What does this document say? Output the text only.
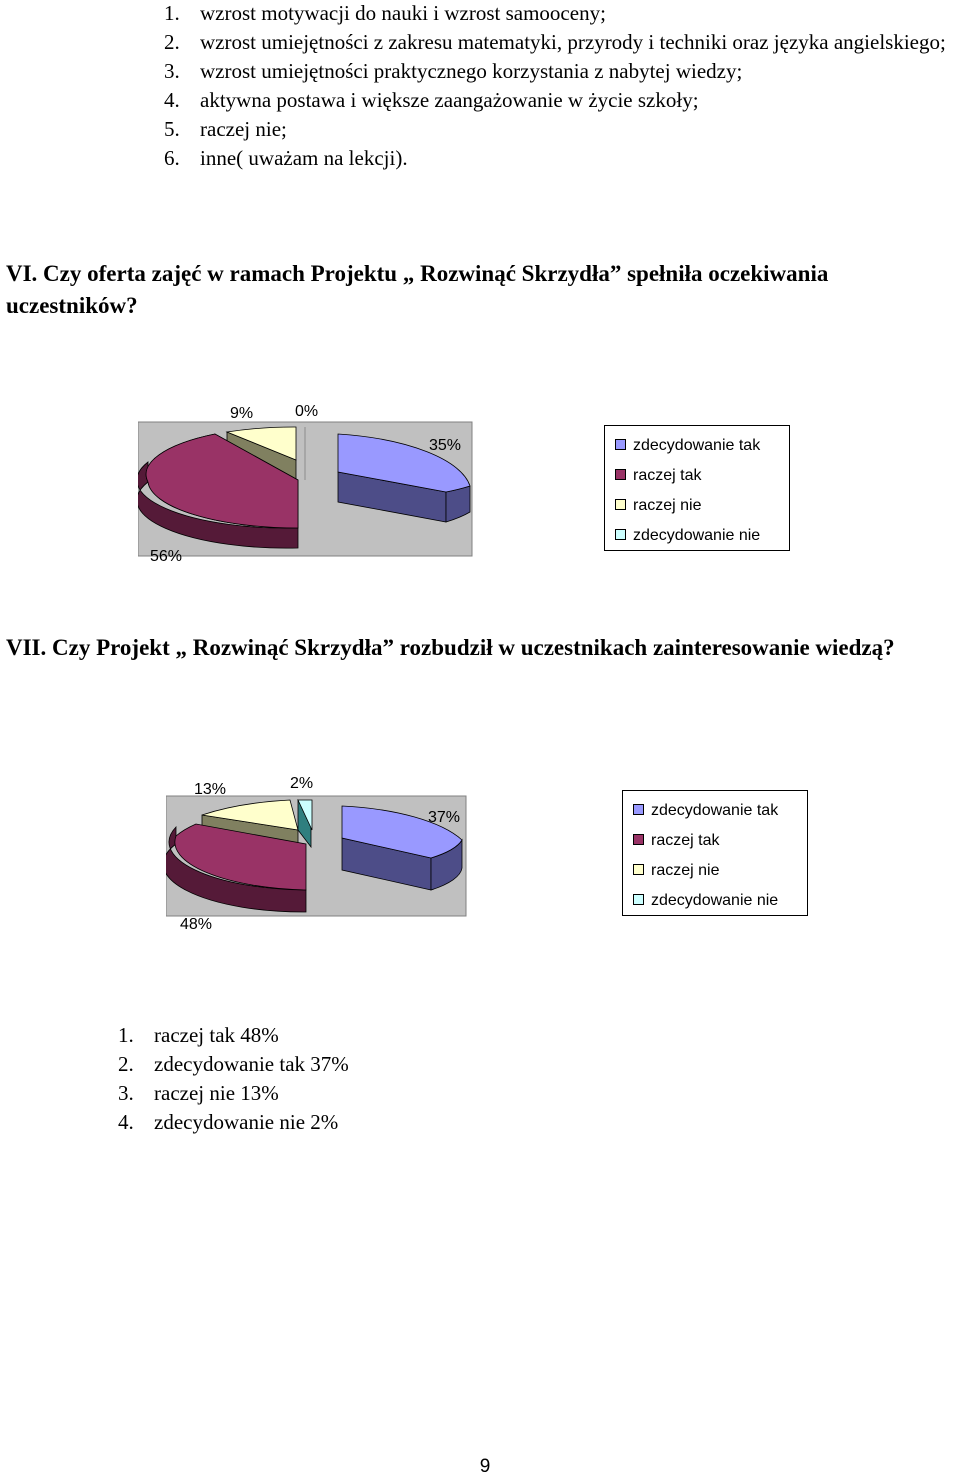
1. wzrost motywacji do nauki i wzrost samooceny;
2. wzrost umiejętności z zakresu matematyki, przyrody i techniki oraz języka angielskiego;
3. wzrost umiejętności praktycznego korzystania z nabytej wiedzy;
4. aktywna postawa i większe zaangażowanie w życie szkoły;
5. raczej nie;
6. inne( uważam na lekcji).
VI. Czy oferta zajęć w ramach Projektu „ Rozwinąć Skrzydła” spełniła oczekiwania uczestników?
9%	0%
35%
56%
zdecydowanie tak
raczej tak
raczej nie
zdecydowanie nie
VII. Czy Projekt „ Rozwinąć Skrzydła” rozbudził w uczestnikach zainteresowanie wiedzą?
13%	2%
37%
48%
zdecydowanie tak
raczej tak
raczej nie
zdecydowanie nie
1. raczej tak 48%
2. zdecydowanie tak 37%
3. raczej nie 13%
4. zdecydowanie nie 2%
9
